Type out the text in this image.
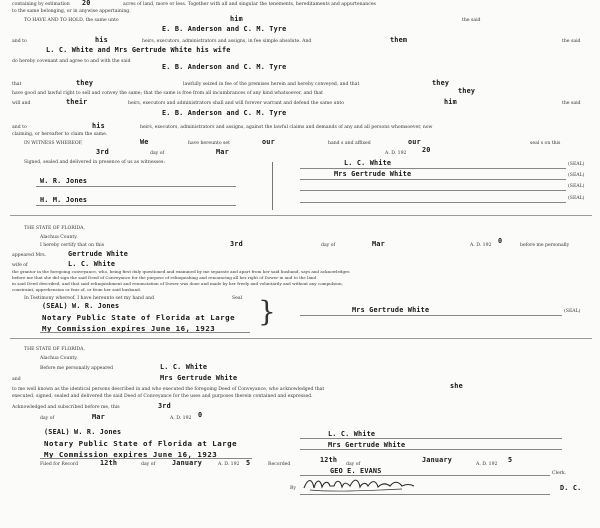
containing by estimation 20	acres of land, more or less. Together with all and singular the tenements, hereditaments and appurtenances
to the same belonging, or in anywise appertaining.
TO HAVE AND TO HOLD, the same unto	him	the said
E. B. Anderson and C. M. Tyre
and to	his	heirs, executors, administrators and assigns, in fee simple absolute. And	them	the said
L. C. White and Mrs Gertrude White his wife
do hereby covenant and agree to and with the said
E. B. Anderson and C. M. Tyre
that	they	lawfully seized in fee of the premises herein and hereby conveyed, and that	they
have good and lawful right to sell and convey the same; that the same is free from all incumbrances of any kind whatsoever, and that	they
will and	their	heirs, executors and administrators shall and will forever warrant and defend the same unto	him	the said
E. B. Anderson and C. M. Tyre
and to	his	heirs, executors, administrators and assigns, against the lawful claims and demands of any and all persons whomsoever, now
claiming, or hereafter to claim the same.
IN WITNESS WHEREOF,	We	have hereunto set	our	hand s and affixed	our	seal s on this
3rd	day of	Mar	A. D. 192 20
Signed, sealed and delivered in presence of us as witnesses:
W. R. Jones
H. M. Jones
L. C. White	(SEAL)
Mrs Gertrude White	(SEAL)
(SEAL)
(SEAL)
THE STATE OF FLORIDA,
Alachua County.
I hereby certify that on this	3rd	day of	Mar	A. D. 192
0
before me personally
appeared Mrs.	Gertrude White
wife of	L. C. White
the grantor in the foregoing conveyance, who, being first duly questioned and examined by me separate and apart from her said husband, says and acknowledges
before me that she did sign the said Deed of Conveyance for the purpose of relinquishing and renouncing all her right of Dower in and to the land
in said Deed described, and that said relinquishment and renunciation of Dower was done and made by her freely and voluntarily and without any compulsion,
constraint, apprehension or fear of, or from her said husband.
In Testimony whereof, I have hereunto set my hand and	Seal
(SEAL) W. R. Jones
Notary Public State of Florida at Large
My Commission expires June 16, 1923
}	Mrs Gertrude White	(SEAL)
THE STATE OF FLORIDA,
Alachua County.
Before me personally appeared	L. C. White
and	Mrs Gertrude White
to me well known as the identical persons described in and who executed the foregoing Deed of Conveyance, who acknowledged that	she
executed, signed, sealed and delivered the said Deed of Conveyance for the uses and purposes therein contained and expressed.
Acknowledged and subscribed before me, this	3rd
day of	Mar	A. D. 192 0
(SEAL) W. R. Jones
Notary Public State of Florida at Large
My Commission expires June 16, 1923
L. C. White
Mrs Gertrude White
Filed for Record	12th	day of January	A. D. 192 5	Recorded
12th
day of
January
A. D. 192
5
GEO E. EVANS	Clerk.
By	D. C.
